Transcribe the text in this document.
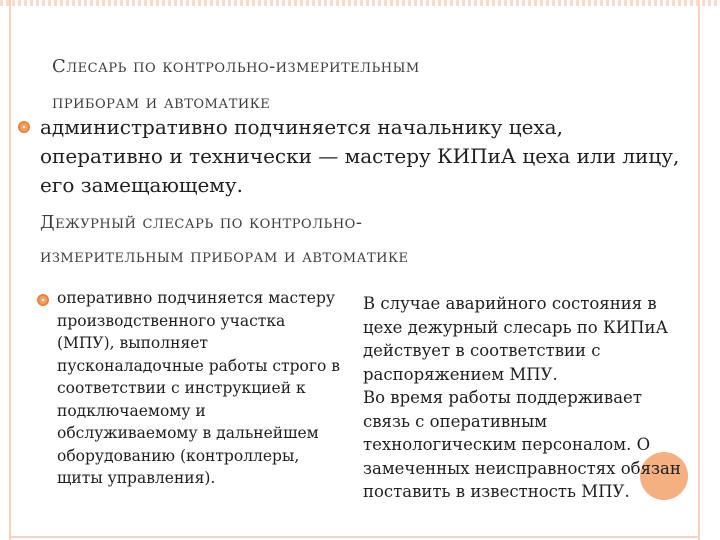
Слесарь по контрольно-измерительным
приборам и автоматике
административно подчиняется начальнику цеха, оперативно и технически — мастеру КИПиА цеха или лицу, его замещающему.
Дежурный слесарь по контрольно-
измерительным приборам и автоматике
оперативно подчиняется мастеру производственного участка (МПУ), выполняет пусконаладочные работы строго в соответствии с инструкцией к подключаемому и обслуживаемому в дальнейшем оборудованию (контроллеры, щиты управления).

В случае аварийного состояния в цехе дежурный слесарь по КИПиА действует в соответствии с распоряжением МПУ.

Во время работы поддерживает связь с оперативным технологическим персоналом. О замеченных неисправностях обязан поставить в известность МПУ.
